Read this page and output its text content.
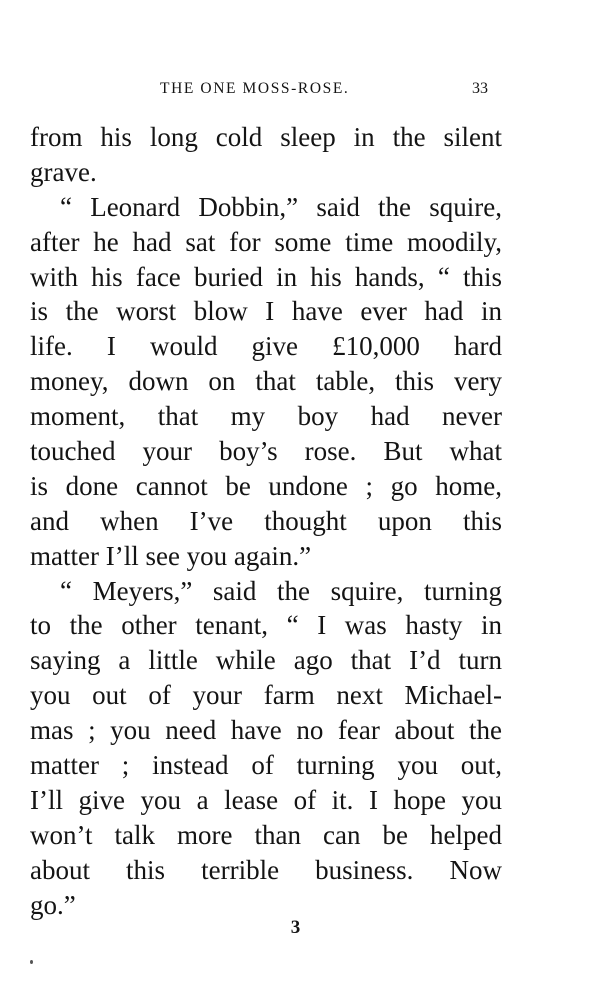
THE ONE MOSS-ROSE.	33
from his long cold sleep in the silent
grave.
“ Leonard Dobbin,” said the squire,
after he had sat for some time moodily,
with his face buried in his hands, “ this
is the worst blow I have ever had in
life. I would give £10,000 hard
money, down on that table, this very
moment, that my boy had never
touched your boy’s rose. But what
is done cannot be undone ; go home,
and when I’ve thought upon this
matter I’ll see you again.”
“ Meyers,” said the squire, turning
to the other tenant, “ I was hasty in
saying a little while ago that I’d turn
you out of your farm next Michael-
mas ; you need have no fear about the
matter ; instead of turning you out,
I’ll give you a lease of it. I hope you
won’t talk more than can be helped
about this terrible business. Now
go.”
3
